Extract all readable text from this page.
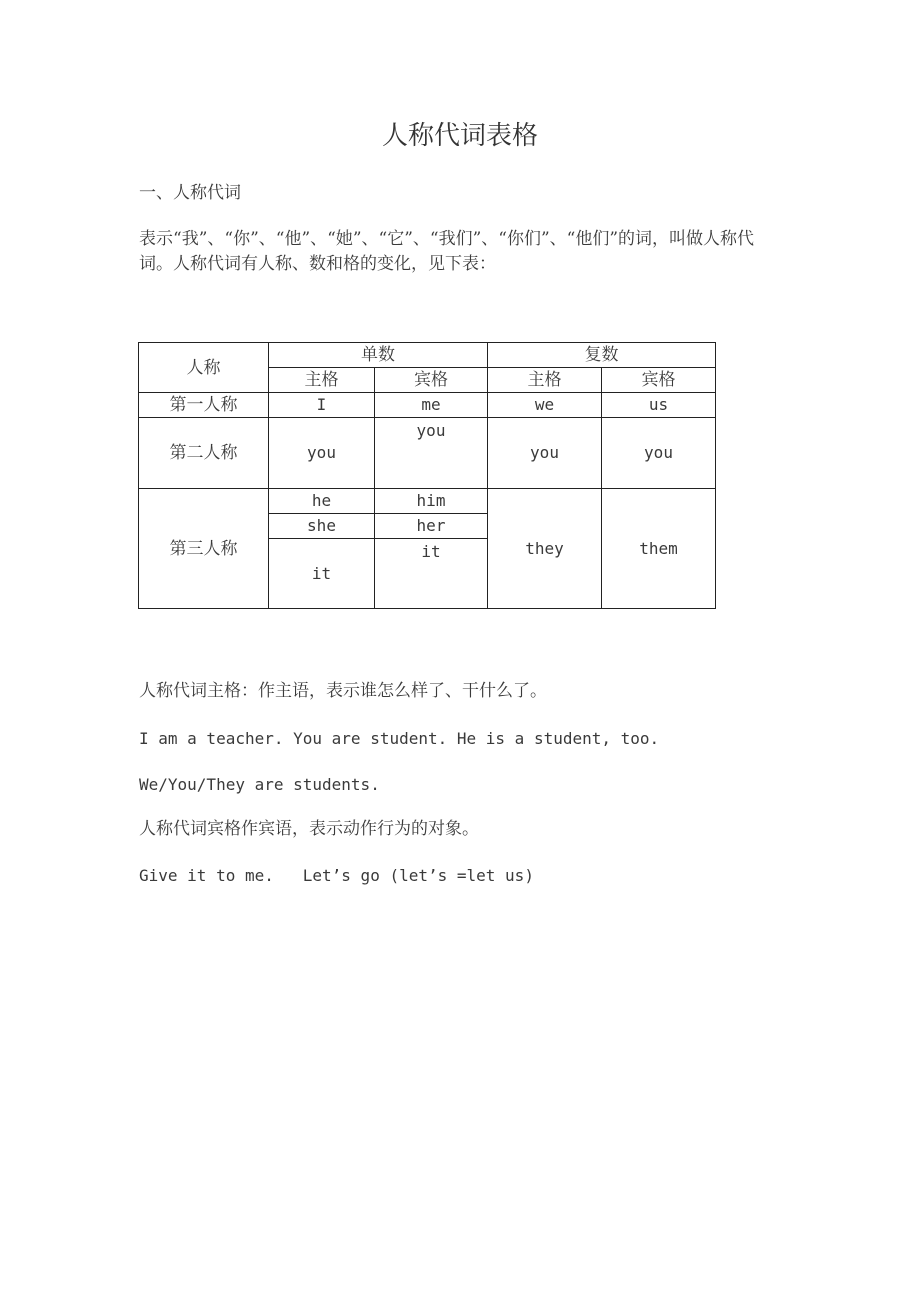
人称代词表格
一、人称代词
表示“我”、“你”、“他”、“她”、“它”、“我们”、“你们”、“他们”的词，叫做人称代词。人称代词有人称、数和格的变化，见下表：
人称	单数		复数	
	主格	宾格	主格	宾格
第一人称	I	me	we	us
第二人称	you	you	you	you
第三人称	he	him	they	them
	she	her		
	it	it		
人称代词主格：作主语，表示谁怎么样了、干什么了。
I am a teacher. You are student. He is a student, too.
We/You/They are students.
人称代词宾格作宾语，表示动作行为的对象。
Give it to me.   Let’s go (let’s =let us)
